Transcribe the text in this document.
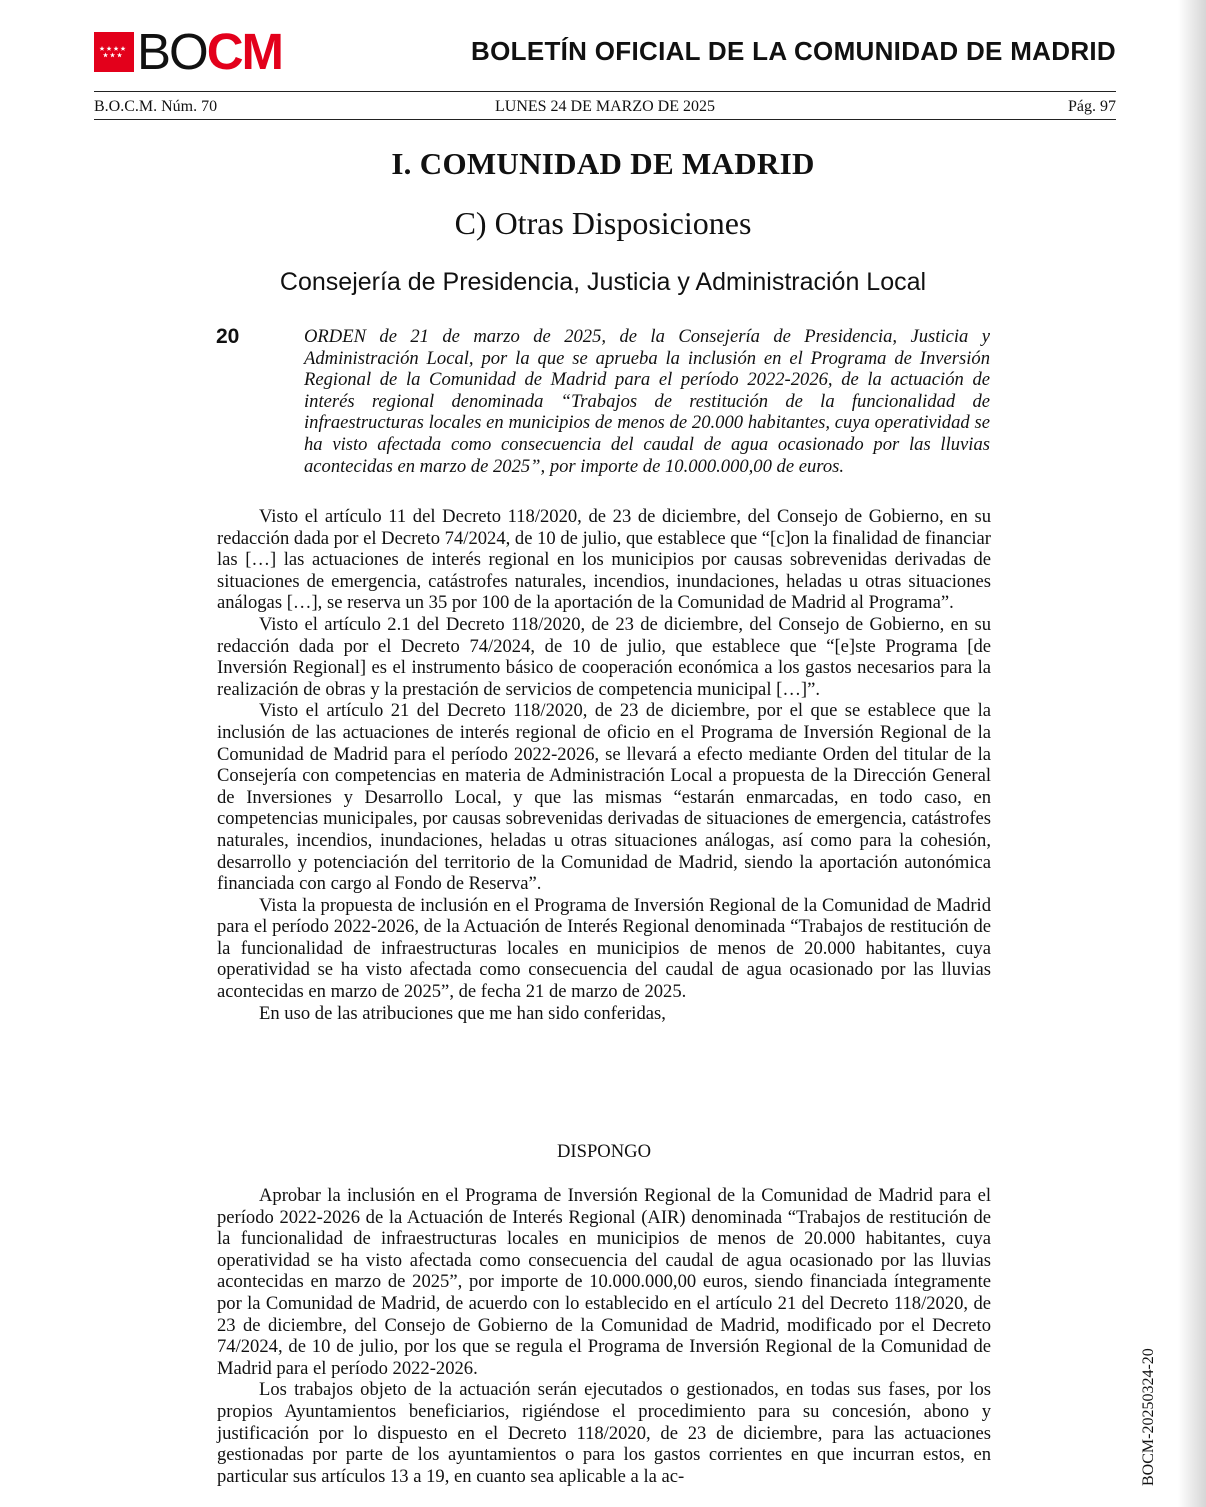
BOCM	BOLETÍN OFICIAL DE LA COMUNIDAD DE MADRID
LUNES 24 DE MARZO DE 2025
B.O.C.M. Núm. 70	Pág. 97
I. COMUNIDAD DE MADRID
C) Otras Disposiciones
Consejería de Presidencia, Justicia y Administración Local
20	ORDEN de 21 de marzo de 2025, de la Consejería de Presidencia, Justicia y Administración Local, por la que se aprueba la inclusión en el Programa de Inversión Regional de la Comunidad de Madrid para el período 2022-2026, de la actuación de interés regional denominada “Trabajos de restitución de la funcionalidad de infraestructuras locales en municipios de menos de 20.000 habitantes, cuya operatividad se ha visto afectada como consecuencia del caudal de agua ocasionado por las lluvias acontecidas en marzo de 2025”, por importe de 10.000.000,00 de euros.

Visto el artículo 11 del Decreto 118/2020, de 23 de diciembre, del Consejo de Gobierno, en su redacción dada por el Decreto 74/2024, de 10 de julio, que establece que “[c]on la finalidad de financiar las […] las actuaciones de interés regional en los municipios por causas sobrevenidas derivadas de situaciones de emergencia, catástrofes naturales, incendios, inundaciones, heladas u otras situaciones análogas […], se reserva un 35 por 100 de la aportación de la Comunidad de Madrid al Programa”.

Visto el artículo 2.1 del Decreto 118/2020, de 23 de diciembre, del Consejo de Gobierno, en su redacción dada por el Decreto 74/2024, de 10 de julio, que establece que “[e]ste Programa [de Inversión Regional] es el instrumento básico de cooperación económica a los gastos necesarios para la realización de obras y la prestación de servicios de competencia municipal […]”.

Visto el artículo 21 del Decreto 118/2020, de 23 de diciembre, por el que se establece que la inclusión de las actuaciones de interés regional de oficio en el Programa de Inversión Regional de la Comunidad de Madrid para el período 2022-2026, se llevará a efecto mediante Orden del titular de la Consejería con competencias en materia de Administración Local a propuesta de la Dirección General de Inversiones y Desarrollo Local, y que las mismas “estarán enmarcadas, en todo caso, en competencias municipales, por causas sobrevenidas derivadas de situaciones de emergencia, catástrofes naturales, incendios, inundaciones, heladas u otras situaciones análogas, así como para la cohesión, desarrollo y potenciación del territorio de la Comunidad de Madrid, siendo la aportación autonómica financiada con cargo al Fondo de Reserva”.

Vista la propuesta de inclusión en el Programa de Inversión Regional de la Comunidad de Madrid para el período 2022-2026, de la Actuación de Interés Regional denominada “Trabajos de restitución de la funcionalidad de infraestructuras locales en municipios de menos de 20.000 habitantes, cuya operatividad se ha visto afectada como consecuencia del caudal de agua ocasionado por las lluvias acontecidas en marzo de 2025”, de fecha 21 de marzo de 2025.

En uso de las atribuciones que me han sido conferidas,

DISPONGO

Aprobar la inclusión en el Programa de Inversión Regional de la Comunidad de Madrid para el período 2022-2026 de la Actuación de Interés Regional (AIR) denominada “Trabajos de restitución de la funcionalidad de infraestructuras locales en municipios de menos de 20.000 habitantes, cuya operatividad se ha visto afectada como consecuencia del caudal de agua ocasionado por las lluvias acontecidas en marzo de 2025”, por importe de 10.000.000,00 euros, siendo financiada íntegramente por la Comunidad de Madrid, de acuerdo con lo establecido en el artículo 21 del Decreto 118/2020, de 23 de diciembre, del Consejo de Gobierno de la Comunidad de Madrid, modificado por el Decreto 74/2024, de 10 de julio, por los que se regula el Programa de Inversión Regional de la Comunidad de Madrid para el período 2022-2026.

Los trabajos objeto de la actuación serán ejecutados o gestionados, en todas sus fases, por los propios Ayuntamientos beneficiarios, rigiéndose el procedimiento para su concesión, abono y justificación por lo dispuesto en el Decreto 118/2020, de 23 de diciembre, para las actuaciones gestionadas por parte de los ayuntamientos o para los gastos corrientes en que incurran estos, en particular sus artículos 13 a 19, en cuanto sea aplicable a la ac-	BOCM-20250324-20
